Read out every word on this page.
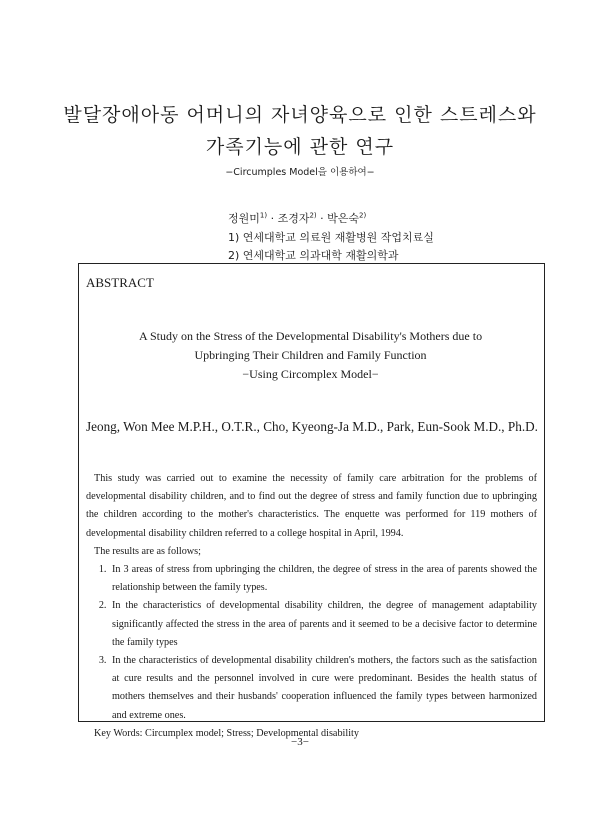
발달장애아동 어머니의 자녀양육으로 인한 스트레스와
가족기능에 관한 연구
−Circumples Model을 이용하여−
정원미$^{1)}$ · 조경자$^{2)}$ · 박은숙$^{2)}$
1) 연세대학교 의료원 재활병원 작업치료실
2) 연세대학교 의과대학 재활의학과
ABSTRACT
A Study on the Stress of the Developmental Disability's Mothers due to
Upbringing Their Children and Family Function
−Using Circomplex Model−
Jeong, Won Mee M.P.H., O.T.R., Cho, Kyeong-Ja M.D., Park, Eun-Sook M.D., Ph.D.

This study was carried out to examine the necessity of family care arbitration for the problems of developmental disability children, and to find out the degree of stress and family function due to upbringing the children according to the mother's characteristics. The enquette was performed for 119 mothers of developmental disability children referred to a college hospital in April, 1994.

The results are as follows;

1. In 3 areas of stress from upbringing the children, the degree of stress in the area of parents showed the relationship between the family types.
2. In the characteristics of developmental disability children, the degree of management adaptability significantly affected the stress in the area of parents and it seemed to be a decisive factor to determine the family types
3. In the characteristics of developmental disability children's mothers, the factors such as the satisfaction at cure results and the personnel involved in cure were predominant. Besides the health status of mothers themselves and their husbands' cooperation influenced the family types between harmonized and extreme ones.

Key Words: Circumplex model; Stress; Developmental disability

−3−
